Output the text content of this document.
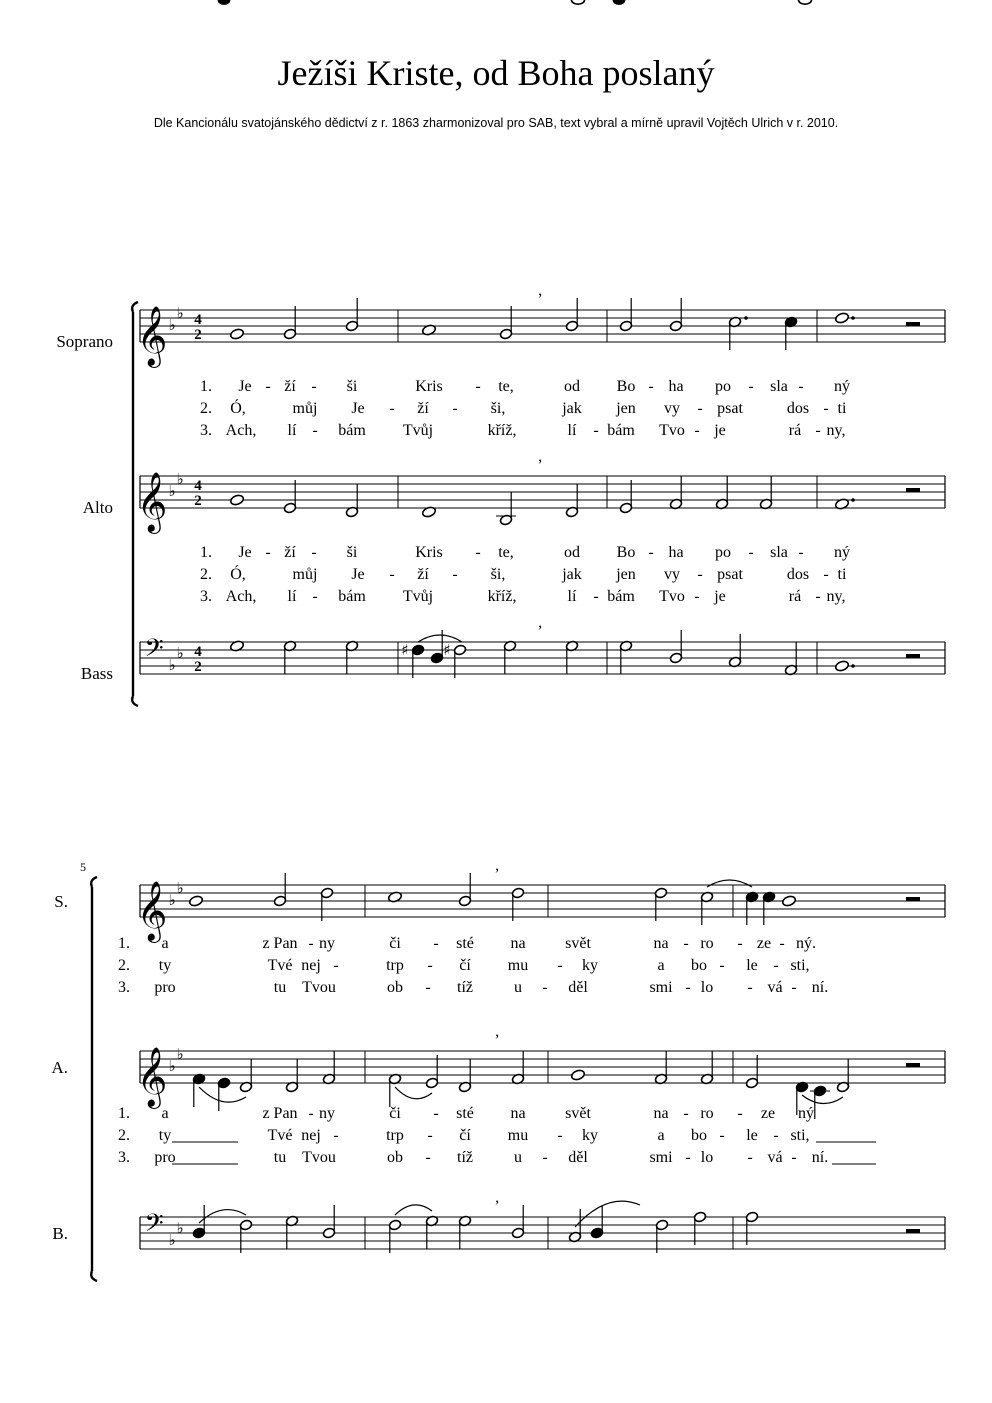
Ježíši Kriste, od Boha poslaný
Dle Kancionálu svatojánského dědictví z r. 1863 zharmonizoval pro SAB, text vybral a mírně upravil Vojtěch Ulrich v r. 2010.
𝄞 ♭
♭
𝄞 ♭
♭
𝄢 ♭
♭
4
2
4
2
4
2
𝄞 ♭
♭
𝄞 ♭
♭
𝄢 ♭
♭
’
’
♯ ♯
’
’
’
’
Soprano
Alto
Bass
1. Je - ží - ši	Kris - te,	od Bo - ha po - sla - ný
2. Ó,	můj Je - ží - ši,	jak jen vy - psat	dos - ti
3. Ach, lí - bám Tvůj	kříž,	lí - bám Tvo - je	rá - ny,
1. Je - ží - ši	Kris - te,	od Bo - ha po - sla - ný
2. Ó,	můj Je - ží - ši,	jak jen vy - psat	dos - ti
3. Ach, lí - bám Tvůj	kříž,	lí - bám Tvo - je	rá - ny,
5
S.
A.
B.
1. a	z Pan - ny	či - sté na svět	na - ro - ze - ný.
2. ty	Tvé nej -	trp - čí mu - ky	a bo - le - sti,
3. pro	tu Tvou	ob - tíž	u - děl	smi - lo - vá - ní.
1. a	z Pan - ny	či - sté na svět	na - ro - ze ný
2. ty	Tvé nej -	trp - čí mu - ky	a bo - le - sti,
3. pro	tu Tvou	ob - tíž	u - děl	smi - lo - vá - ní.
